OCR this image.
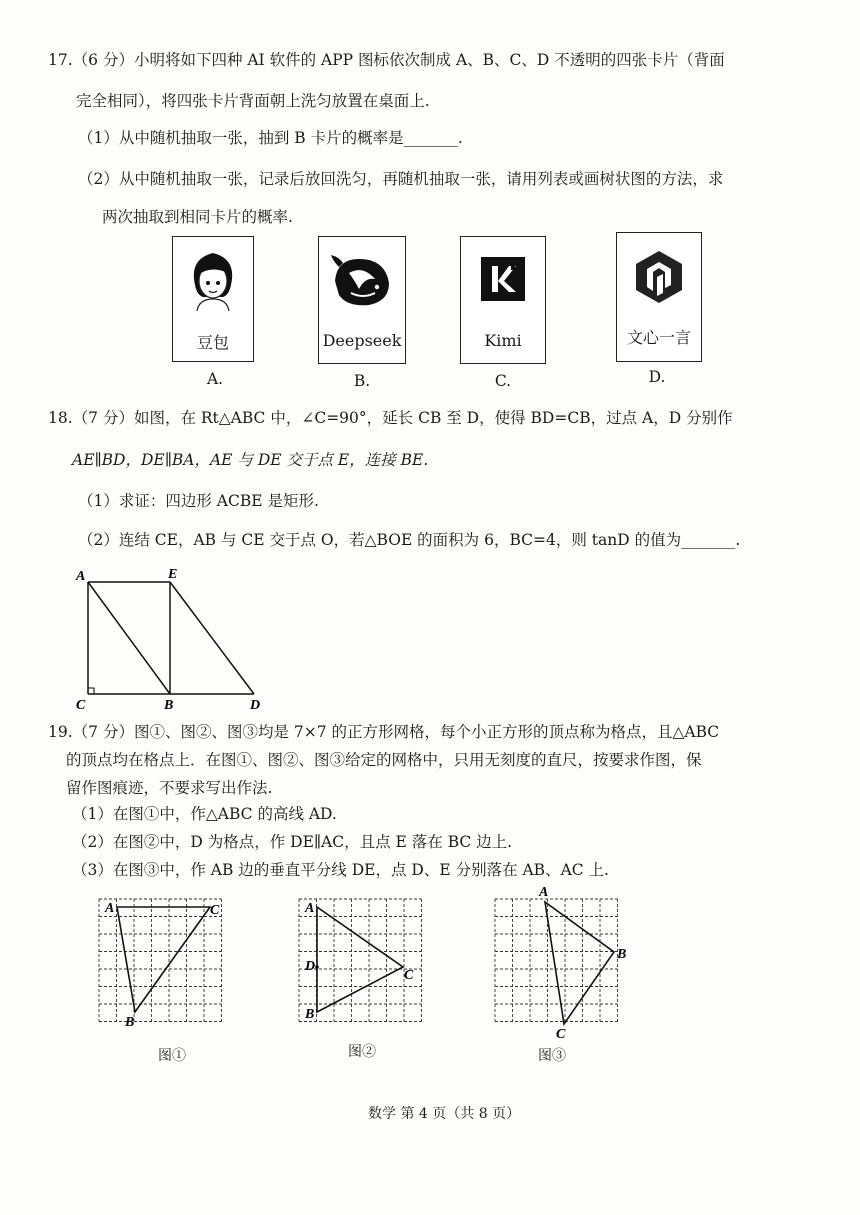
17.（6 分）小明将如下四种 AI 软件的 APP 图标依次制成 A、B、C、D 不透明的四张卡片（背面
完全相同），将四张卡片背面朝上洗匀放置在桌面上.
（1）从中随机抽取一张，抽到 B 卡片的概率是_______.
（2）从中随机抽取一张，记录后放回洗匀，再随机抽取一张，请用列表或画树状图的方法，求
两次抽取到相同卡片的概率.
豆包
A.
Deepseek
B.
Kimi
C.
文心一言
D.
18.（7 分）如图，在 Rt△ABC 中，∠C=90°，延长 CB 至 D，使得 BD=CB，过点 A，D 分别作
AE∥BD，DE∥BA，AE 与 DE 交于点 E，连接 BE.
（1）求证：四边形 ACBE 是矩形.
（2）连结 CE，AB 与 CE 交于点 O，若△BOE 的面积为 6，BC=4，则 tanD 的值为_______.
A	E
C	B	D
19.（7 分）图①、图②、图③均是 7×7 的正方形网格，每个小正方形的顶点称为格点，且△ABC
的顶点均在格点上．在图①、图②、图③给定的网格中，只用无刻度的直尺，按要求作图，保
留作图痕迹，不要求写出作法.
（1）在图①中，作△ABC 的高线 AD.
（2）在图②中，D 为格点，作 DE∥AC，且点 E 落在 BC 边上.
（3）在图③中，作 AB 边的垂直平分线 DE，点 D、E 分别落在 AB、AC 上.
A	C
B
图①
A
D
C
B
图②
A
B
C
图③
数学 第 4 页（共 8 页）
